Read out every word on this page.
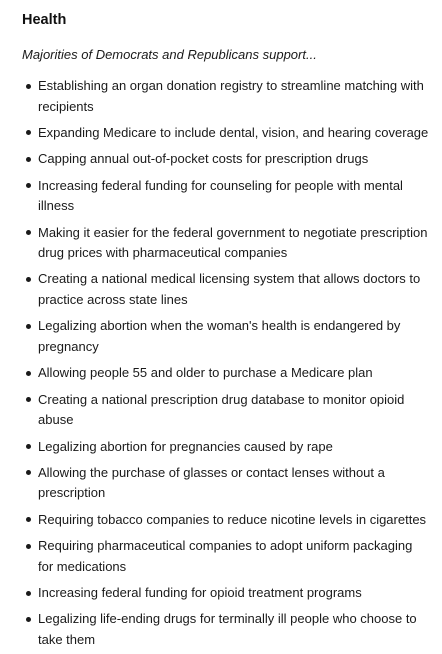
Health
Majorities of Democrats and Republicans support...
Establishing an organ donation registry to streamline matching with recipients
Expanding Medicare to include dental, vision, and hearing coverage
Capping annual out-of-pocket costs for prescription drugs
Increasing federal funding for counseling for people with mental illness
Making it easier for the federal government to negotiate prescription drug prices with pharmaceutical companies
Creating a national medical licensing system that allows doctors to practice across state lines
Legalizing abortion when the woman's health is endangered by pregnancy
Allowing people 55 and older to purchase a Medicare plan
Creating a national prescription drug database to monitor opioid abuse
Legalizing abortion for pregnancies caused by rape
Allowing the purchase of glasses or contact lenses without a prescription
Requiring tobacco companies to reduce nicotine levels in cigarettes
Requiring pharmaceutical companies to adopt uniform packaging for medications
Increasing federal funding for opioid treatment programs
Legalizing life-ending drugs for terminally ill people who choose to take them
